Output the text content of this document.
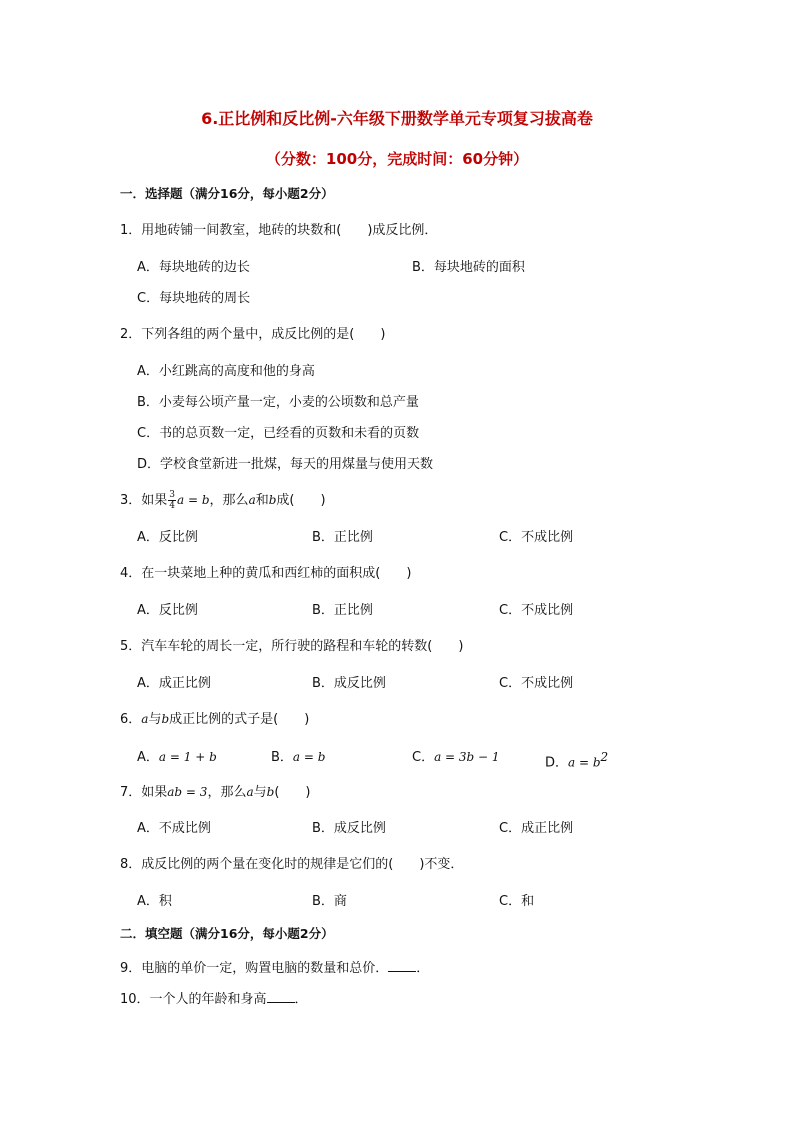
6.正比例和反比例-六年级下册数学单元专项复习拔高卷
（分数：100分，完成时间：60分钟）
一．选择题（满分16分，每小题2分）
1．用地砖铺一间教室，地砖的块数和(　　)成反比例．
A．每块地砖的边长	B．每块地砖的面积
C．每块地砖的周长
2．下列各组的两个量中，成反比例的是(　　)
A．小红跳高的高度和他的身高
B．小麦每公顷产量一定，小麦的公顷数和总产量
C．书的总页数一定，已经看的页数和未看的页数
D．学校食堂新进一批煤，每天的用煤量与使用天数
3．如果 $\frac{3}{4}$ a = b，那么a和b成(　　)
A．反比例	B．正比例	C．不成比例
4．在一块菜地上种的黄瓜和西红柿的面积成(　　)
A．反比例	B．正比例	C．不成比例
5．汽车车轮的周长一定，所行驶的路程和车轮的转数(　　)
A．成正比例	B．成反比例	C．不成比例
6．a与b成正比例的式子是(　　)
A．a = 1 + b	B．a = b	C．a = 3b − 1	D．$a = b^2$
7．如果ab = 3，那么a与b(　　)
A．不成比例	B．成反比例	C．成正比例
8．成反比例的两个量在变化时的规律是它们的(　　)不变．
A．积	B．商	C．和
二．填空题（满分16分，每小题2分）
9．电脑的单价一定，购置电脑的数量和总价． ．
10．一个人的年龄和身高 ．
